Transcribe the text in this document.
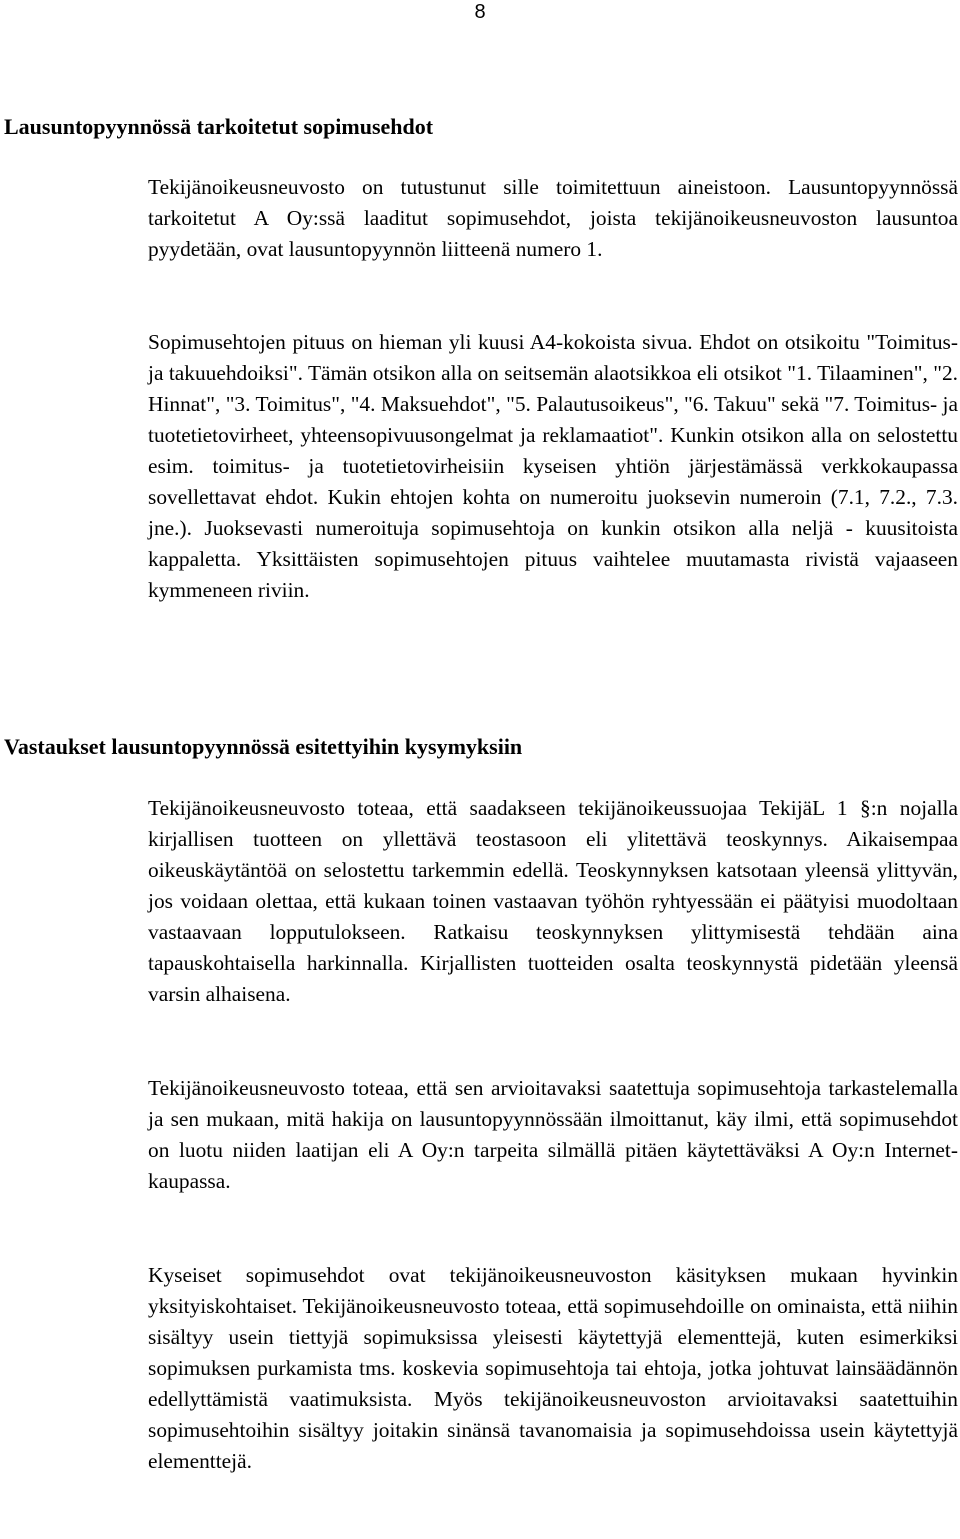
8
Lausuntopyynnössä tarkoitetut sopimusehdot

Tekijänoikeusneuvosto on tutustunut sille toimitettuun aineistoon. Lausuntopyynnössä tarkoitetut A Oy:ssä laaditut sopimusehdot, joista tekijänoikeusneuvoston lausuntoa pyydetään, ovat lausuntopyynnön liitteenä numero 1.

Sopimusehtojen pituus on hieman yli kuusi A4-kokoista sivua. Ehdot on otsikoitu "Toimitus- ja takuuehdoiksi". Tämän otsikon alla on seitsemän alaotsikkoa eli otsikot "1. Tilaaminen", "2. Hinnat", "3. Toimitus", "4. Maksuehdot", "5. Palautusoikeus", "6. Takuu" sekä "7. Toimitus- ja tuotetietovirheet, yhteensopivuusongelmat ja reklamaatiot". Kunkin otsikon alla on selostettu esim. toimitus- ja tuotetietovirheisiin kyseisen yhtiön järjestämässä verkkokaupassa sovellettavat ehdot. Kukin ehtojen kohta on numeroitu juoksevin numeroin (7.1, 7.2., 7.3. jne.). Juoksevasti numeroituja sopimusehtoja on kunkin otsikon alla neljä - kuusitoista kappaletta. Yksittäisten sopimusehtojen pituus vaihtelee muutamasta rivistä vajaaseen kymmeneen riviin.

Vastaukset lausuntopyynnössä esitettyihin kysymyksiin

Tekijänoikeusneuvosto toteaa, että saadakseen tekijänoikeussuojaa TekijäL 1 §:n nojalla kirjallisen tuotteen on yllettävä teostasoon eli ylitettävä teoskynnys. Aikaisempaa oikeuskäytäntöä on selostettu tarkemmin edellä. Teoskynnyksen katsotaan yleensä ylittyvän, jos voidaan olettaa, että kukaan toinen vastaavan työhön ryhtyessään ei päätyisi muodoltaan vastaavaan lopputulokseen. Ratkaisu teoskynnyksen ylittymisestä tehdään aina tapauskohtaisella harkinnalla. Kirjallisten tuotteiden osalta teoskynnystä pidetään yleensä varsin alhaisena.

Tekijänoikeusneuvosto toteaa, että sen arvioitavaksi saatettuja sopimusehtoja tarkastelemalla ja sen mukaan, mitä hakija on lausuntopyynnössään ilmoittanut, käy ilmi, että sopimusehdot on luotu niiden laatijan eli A Oy:n tarpeita silmällä pitäen käytettäväksi A Oy:n Internet-kaupassa.

Kyseiset sopimusehdot ovat tekijänoikeusneuvoston käsityksen mukaan hyvinkin yksityiskohtaiset. Tekijänoikeusneuvosto toteaa, että sopimusehdoille on ominaista, että niihin sisältyy usein tiettyjä sopimuksissa yleisesti käytettyjä elementtejä, kuten esimerkiksi sopimuksen purkamista tms. koskevia sopimusehtoja tai ehtoja, jotka johtuvat lainsäädännön edellyttämistä vaatimuksista. Myös tekijänoikeusneuvoston arvioitavaksi saatettuihin sopimusehtoihin sisältyy joitakin sinänsä tavanomaisia ja sopimusehdoissa usein käytettyjä elementtejä.
